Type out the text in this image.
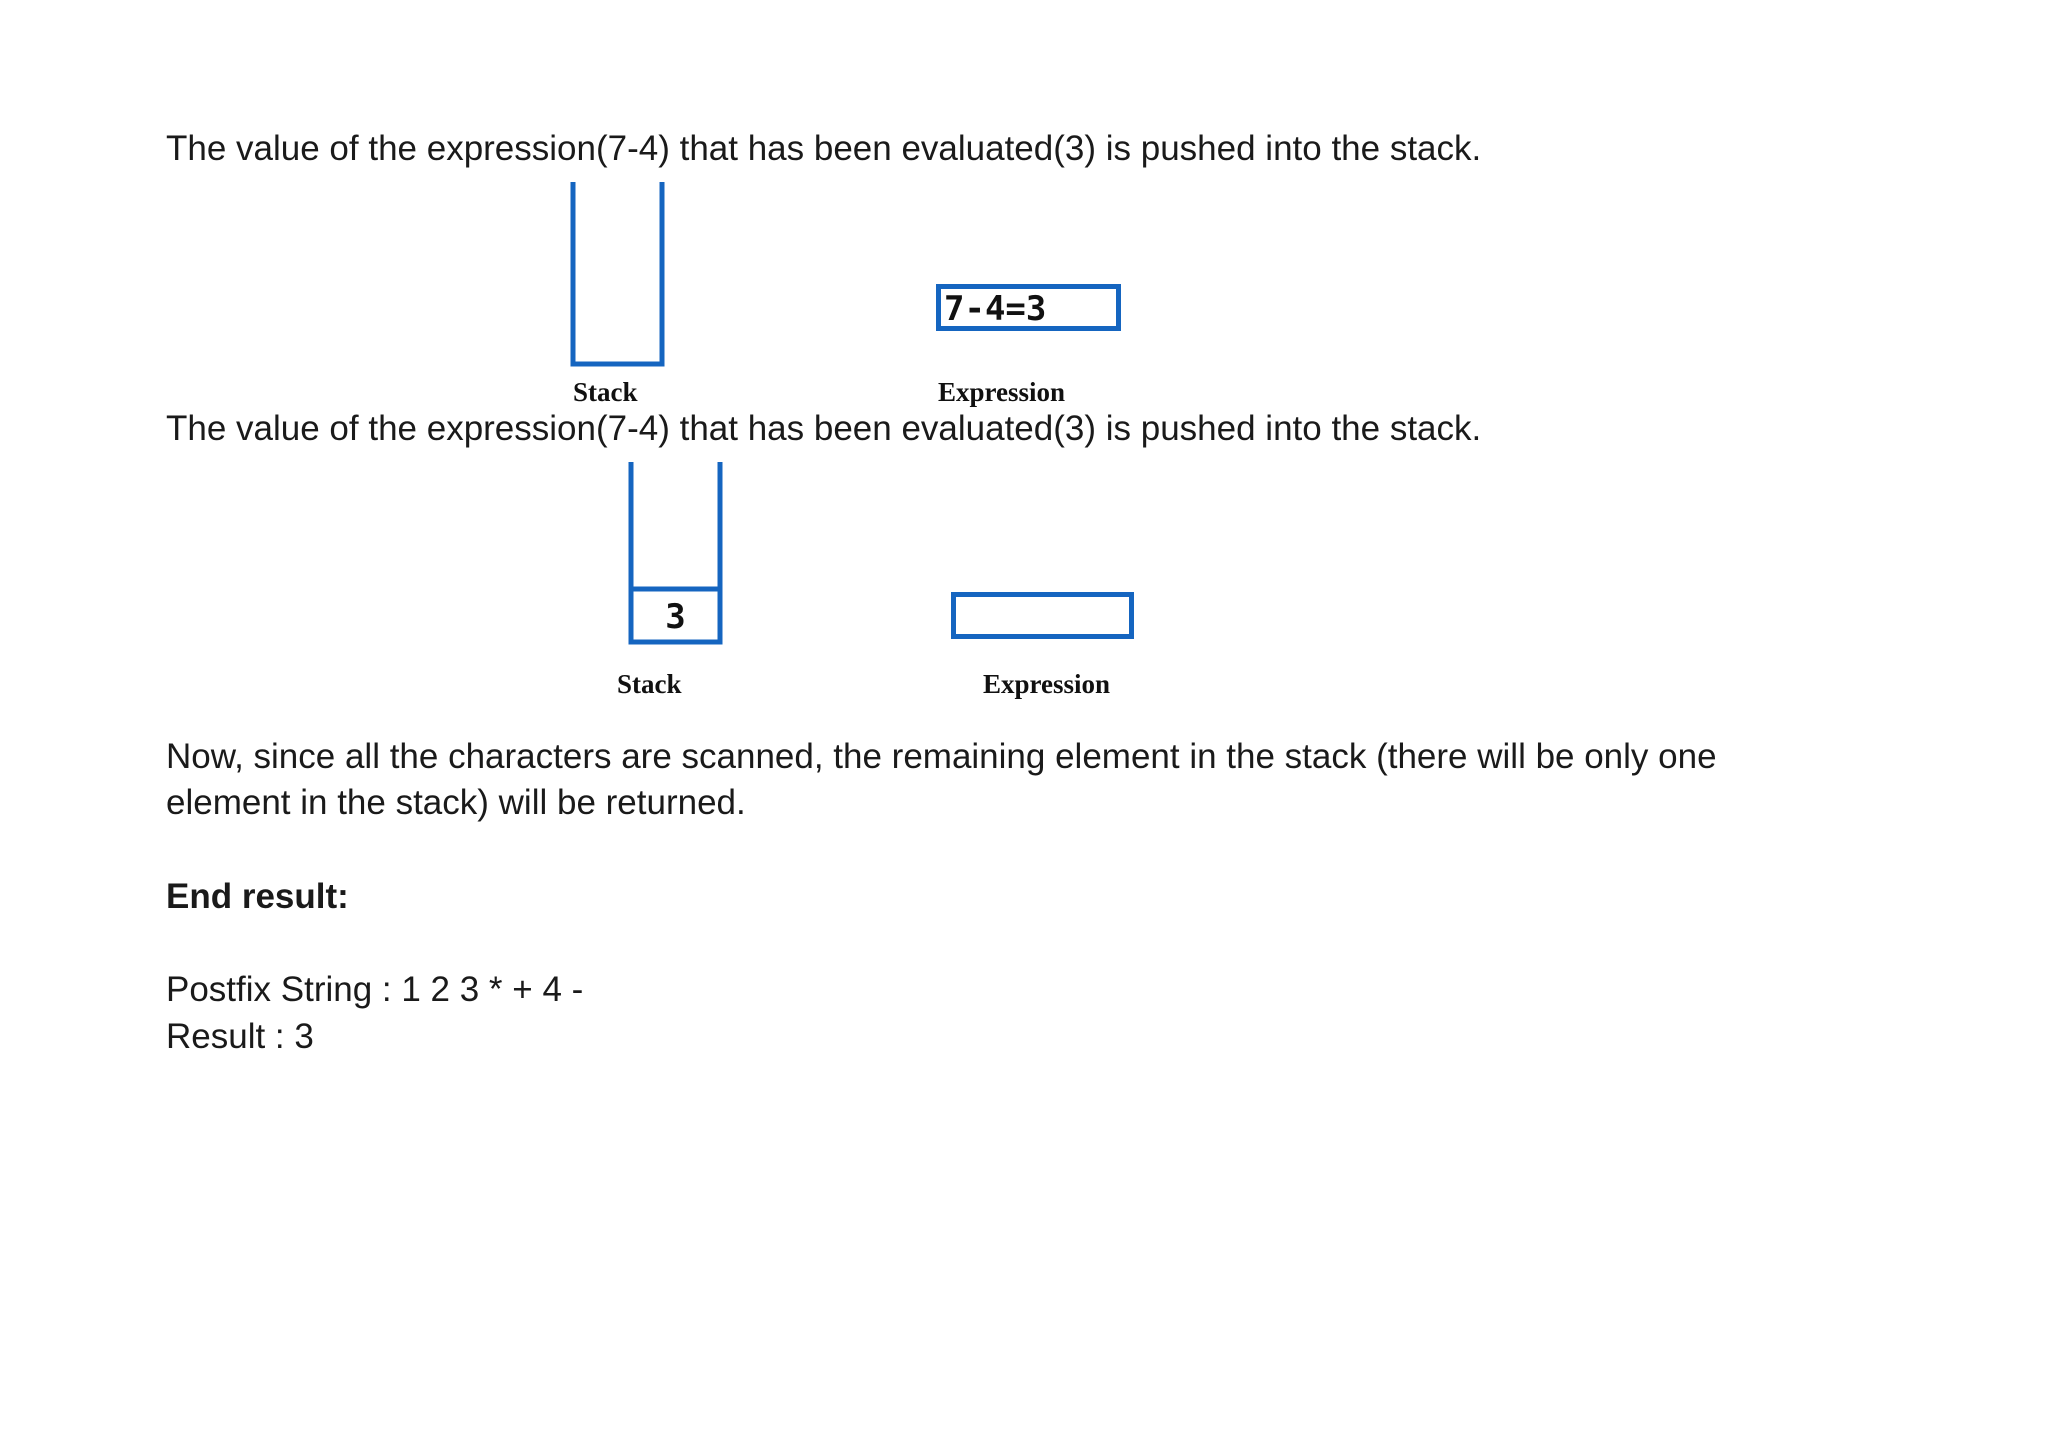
The value of the expression(7-4) that has been evaluated(3) is pushed into the stack.
Stack
7-4=3
Expression
The value of the expression(7-4) that has been evaluated(3) is pushed into the stack.
3
Stack	Expression
Now, since all the characters are scanned, the remaining element in the stack (there will be only one
element in the stack) will be returned.
End result:
Postfix String : 1 2 3 * + 4 -
Result : 3
